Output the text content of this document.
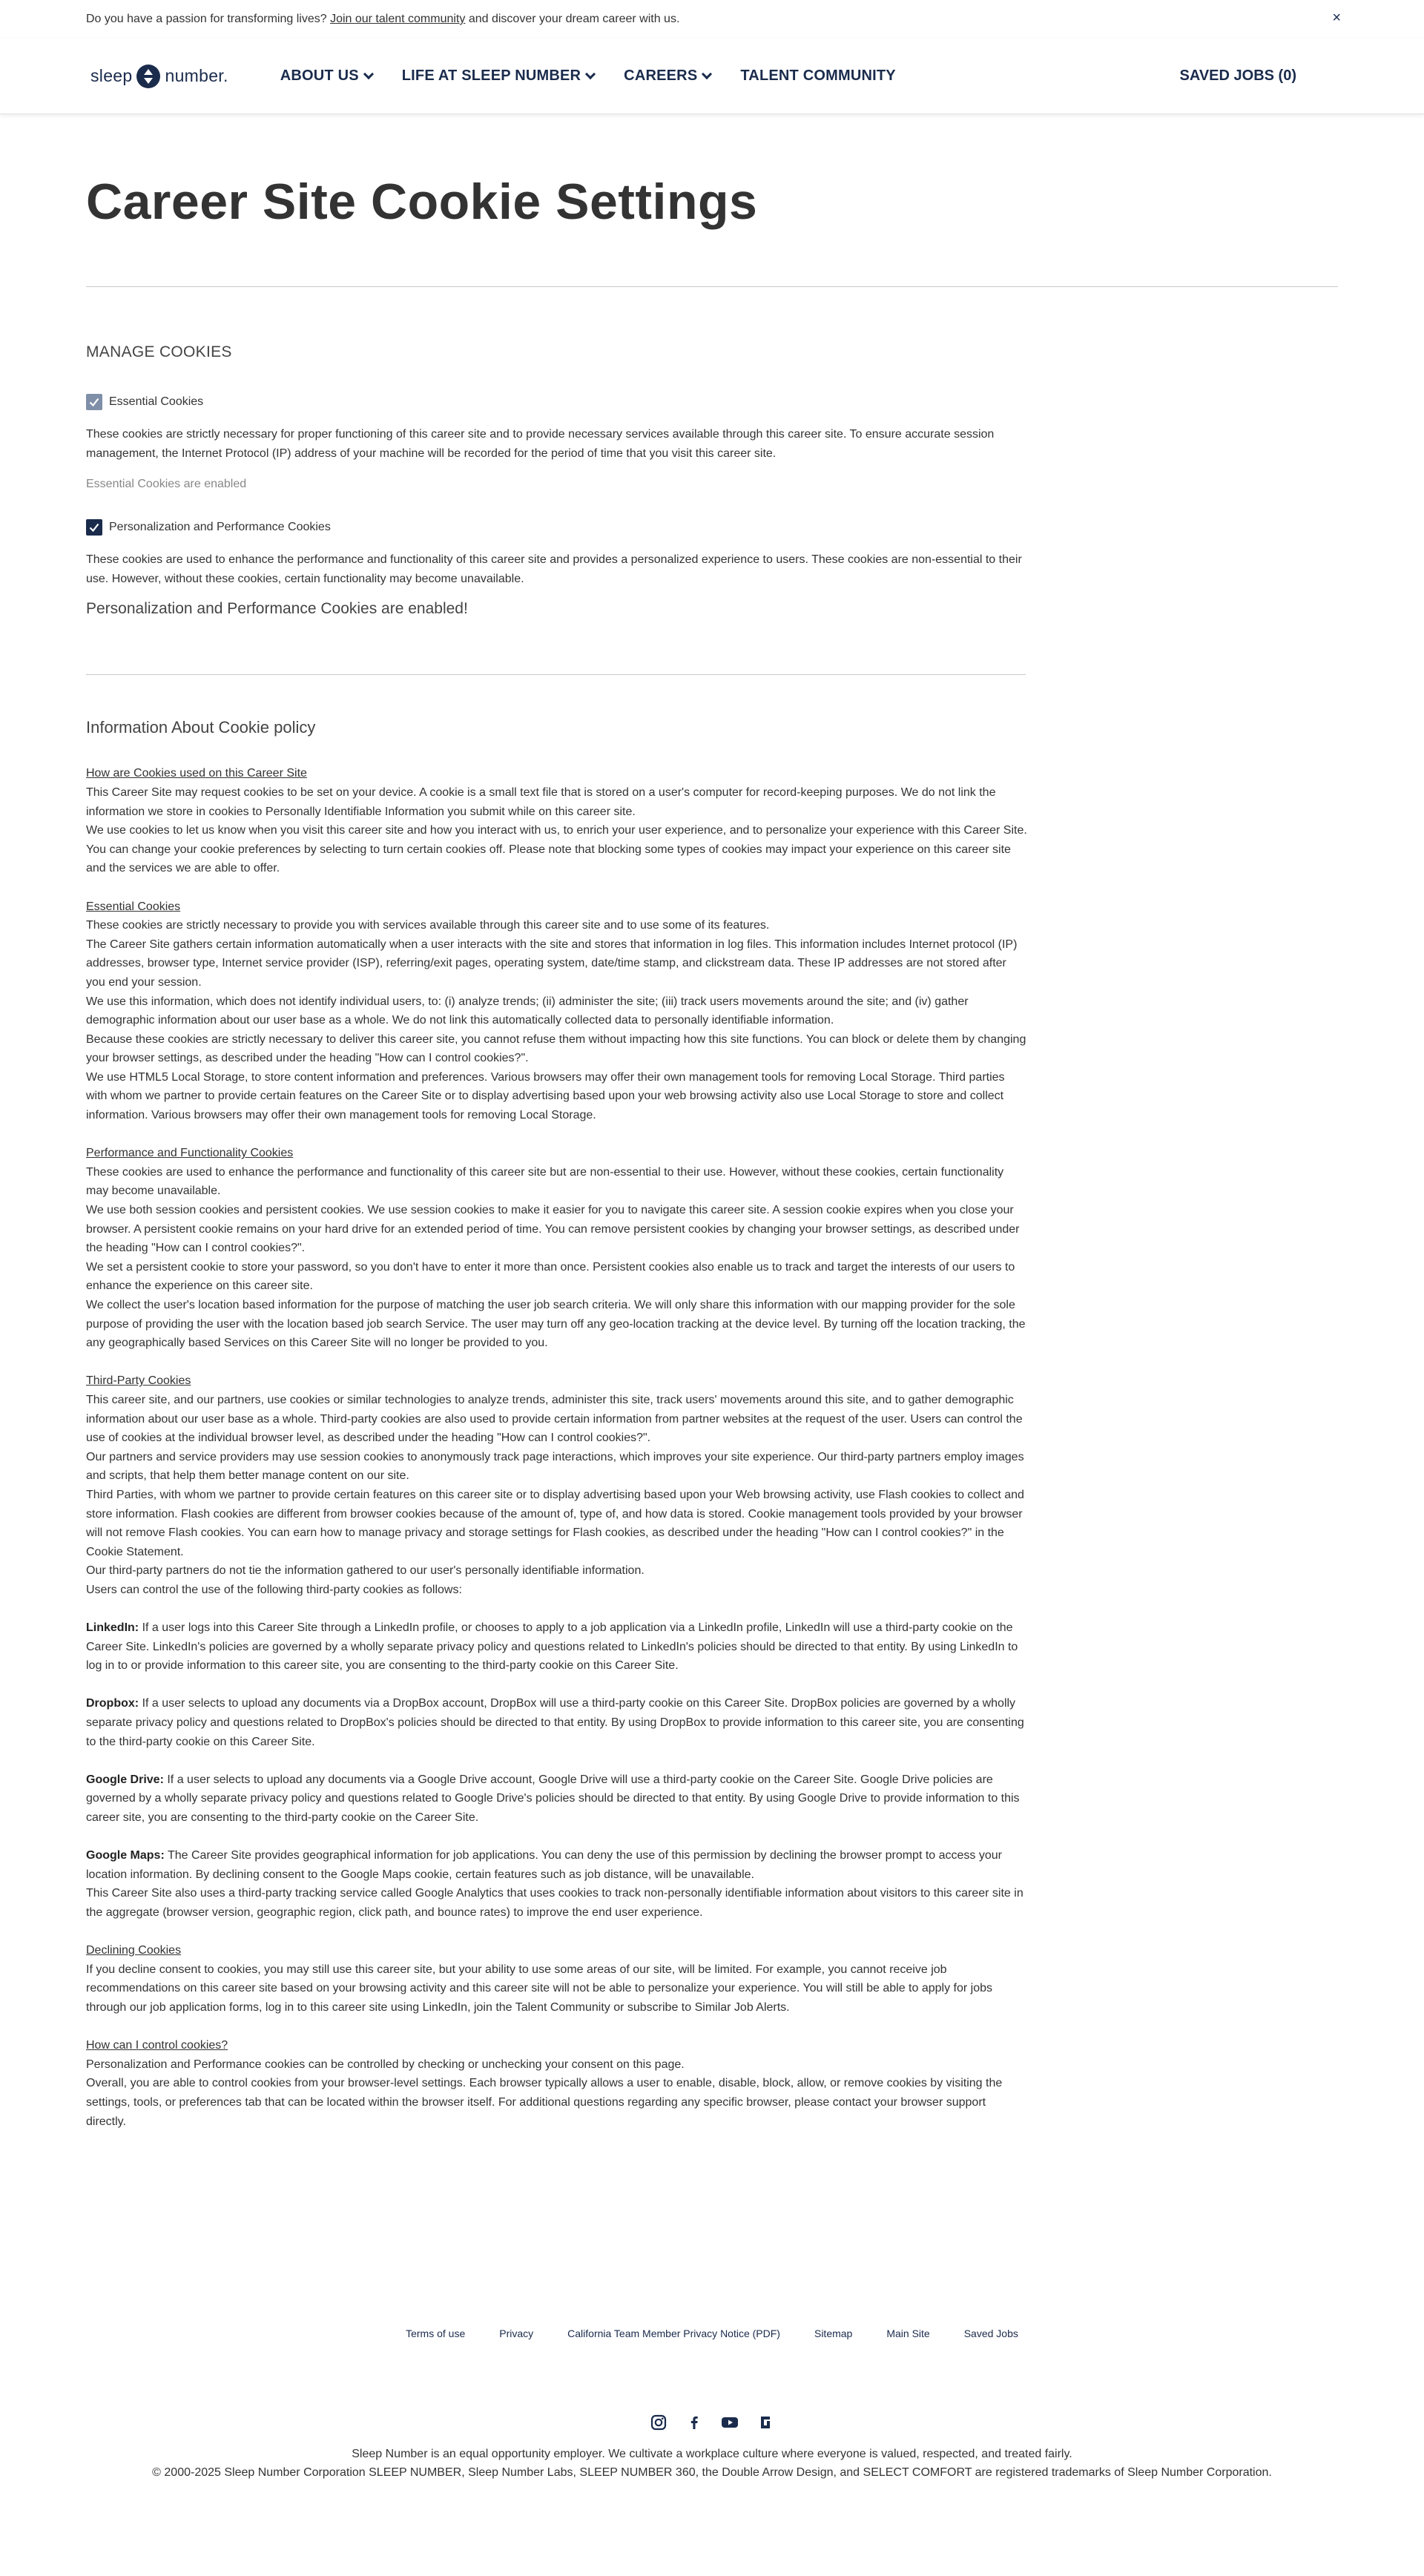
Do you have a passion for transforming lives? Join our talent community and discover your dream career with us.	×
sleep number.	ABOUT US	LIFE AT SLEEP NUMBER	CAREERS	TALENT COMMUNITY	SAVED JOBS (0)
Career Site Cookie Settings
MANAGE COOKIES
Essential Cookies

These cookies are strictly necessary for proper functioning of this career site and to provide necessary services available through this career site. To ensure accurate session management, the Internet Protocol (IP) address of your machine will be recorded for the period of time that you visit this career site.

Essential Cookies are enabled

Personalization and Performance Cookies

These cookies are used to enhance the performance and functionality of this career site and provides a personalized experience to users. These cookies are non-essential to their use. However, without these cookies, certain functionality may become unavailable.

Personalization and Performance Cookies are enabled!

Information About Cookie policy
How are Cookies used on this Career Site
This Career Site may request cookies to be set on your device. A cookie is a small text file that is stored on a user's computer for record-keeping purposes. We do not link the information we store in cookies to Personally Identifiable Information you submit while on this career site.
We use cookies to let us know when you visit this career site and how you interact with us, to enrich your user experience, and to personalize your experience with this Career Site. You can change your cookie preferences by selecting to turn certain cookies off. Please note that blocking some types of cookies may impact your experience on this career site and the services we are able to offer.
Essential Cookies
These cookies are strictly necessary to provide you with services available through this career site and to use some of its features.
The Career Site gathers certain information automatically when a user interacts with the site and stores that information in log files. This information includes Internet protocol (IP) addresses, browser type, Internet service provider (ISP), referring/exit pages, operating system, date/time stamp, and clickstream data. These IP addresses are not stored after you end your session.
We use this information, which does not identify individual users, to: (i) analyze trends; (ii) administer the site; (iii) track users movements around the site; and (iv) gather demographic information about our user base as a whole. We do not link this automatically collected data to personally identifiable information.
Because these cookies are strictly necessary to deliver this career site, you cannot refuse them without impacting how this site functions. You can block or delete them by changing your browser settings, as described under the heading "How can I control cookies?".
We use HTML5 Local Storage, to store content information and preferences. Various browsers may offer their own management tools for removing Local Storage. Third parties with whom we partner to provide certain features on the Career Site or to display advertising based upon your web browsing activity also use Local Storage to store and collect information. Various browsers may offer their own management tools for removing Local Storage.
Performance and Functionality Cookies
These cookies are used to enhance the performance and functionality of this career site but are non-essential to their use. However, without these cookies, certain functionality may become unavailable.
We use both session cookies and persistent cookies. We use session cookies to make it easier for you to navigate this career site. A session cookie expires when you close your browser. A persistent cookie remains on your hard drive for an extended period of time. You can remove persistent cookies by changing your browser settings, as described under the heading "How can I control cookies?".
We set a persistent cookie to store your password, so you don't have to enter it more than once. Persistent cookies also enable us to track and target the interests of our users to enhance the experience on this career site.
We collect the user's location based information for the purpose of matching the user job search criteria. We will only share this information with our mapping provider for the sole purpose of providing the user with the location based job search Service. The user may turn off any geo-location tracking at the device level. By turning off the location tracking, the any geographically based Services on this Career Site will no longer be provided to you.
Third-Party Cookies
This career site, and our partners, use cookies or similar technologies to analyze trends, administer this site, track users' movements around this site, and to gather demographic information about our user base as a whole. Third-party cookies are also used to provide certain information from partner websites at the request of the user. Users can control the use of cookies at the individual browser level, as described under the heading "How can I control cookies?".
Our partners and service providers may use session cookies to anonymously track page interactions, which improves your site experience. Our third-party partners employ images and scripts, that help them better manage content on our site.
Third Parties, with whom we partner to provide certain features on this career site or to display advertising based upon your Web browsing activity, use Flash cookies to collect and store information. Flash cookies are different from browser cookies because of the amount of, type of, and how data is stored. Cookie management tools provided by your browser will not remove Flash cookies. You can earn how to manage privacy and storage settings for Flash cookies, as described under the heading "How can I control cookies?" in the Cookie Statement.
Our third-party partners do not tie the information gathered to our user's personally identifiable information.
Users can control the use of the following third-party cookies as follows:
LinkedIn: If a user logs into this Career Site through a LinkedIn profile, or chooses to apply to a job application via a LinkedIn profile, LinkedIn will use a third-party cookie on the Career Site. LinkedIn's policies are governed by a wholly separate privacy policy and questions related to LinkedIn's policies should be directed to that entity. By using LinkedIn to log in to or provide information to this career site, you are consenting to the third-party cookie on this Career Site.
Dropbox: If a user selects to upload any documents via a DropBox account, DropBox will use a third-party cookie on this Career Site. DropBox policies are governed by a wholly separate privacy policy and questions related to DropBox's policies should be directed to that entity. By using DropBox to provide information to this career site, you are consenting to the third-party cookie on this Career Site.
Google Drive: If a user selects to upload any documents via a Google Drive account, Google Drive will use a third-party cookie on the Career Site. Google Drive policies are governed by a wholly separate privacy policy and questions related to Google Drive's policies should be directed to that entity. By using Google Drive to provide information to this career site, you are consenting to the third-party cookie on the Career Site.
Google Maps: The Career Site provides geographical information for job applications. You can deny the use of this permission by declining the browser prompt to access your location information. By declining consent to the Google Maps cookie, certain features such as job distance, will be unavailable.
This Career Site also uses a third-party tracking service called Google Analytics that uses cookies to track non-personally identifiable information about visitors to this career site in the aggregate (browser version, geographic region, click path, and bounce rates) to improve the end user experience.
Declining Cookies
If you decline consent to cookies, you may still use this career site, but your ability to use some areas of our site, will be limited. For example, you cannot receive job recommendations on this career site based on your browsing activity and this career site will not be able to personalize your experience. You will still be able to apply for jobs through our job application forms, log in to this career site using LinkedIn, join the Talent Community or subscribe to Similar Job Alerts.
How can I control cookies?
Personalization and Performance cookies can be controlled by checking or unchecking your consent on this page.
Overall, you are able to control cookies from your browser-level settings. Each browser typically allows a user to enable, disable, block, allow, or remove cookies by visiting the settings, tools, or preferences tab that can be located within the browser itself. For additional questions regarding any specific browser, please contact your browser support directly.
Terms of use	Privacy	California Team Member Privacy Notice (PDF)	Sitemap	Main Site	Saved Jobs
Sleep Number is an equal opportunity employer. We cultivate a workplace culture where everyone is valued, respected, and treated fairly.
© 2000-2025 Sleep Number Corporation SLEEP NUMBER, Sleep Number Labs, SLEEP NUMBER 360, the Double Arrow Design, and SELECT COMFORT are registered trademarks of Sleep Number Corporation.
